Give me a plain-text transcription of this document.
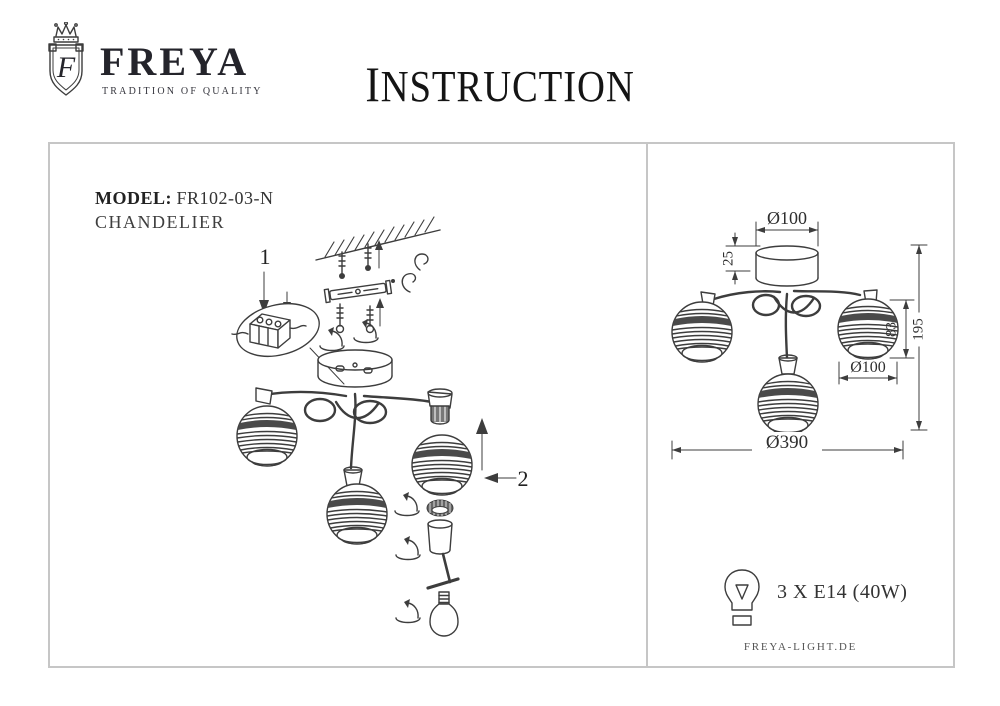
F FREYA
TRADITION OF QUALITY	INSTRUCTION
MODEL: FR102-03-N
CHANDELIER
1
2
Ø100
25
83 195
Ø100
Ø390
3 X E14 (40W)
FREYA-LIGHT.DE
